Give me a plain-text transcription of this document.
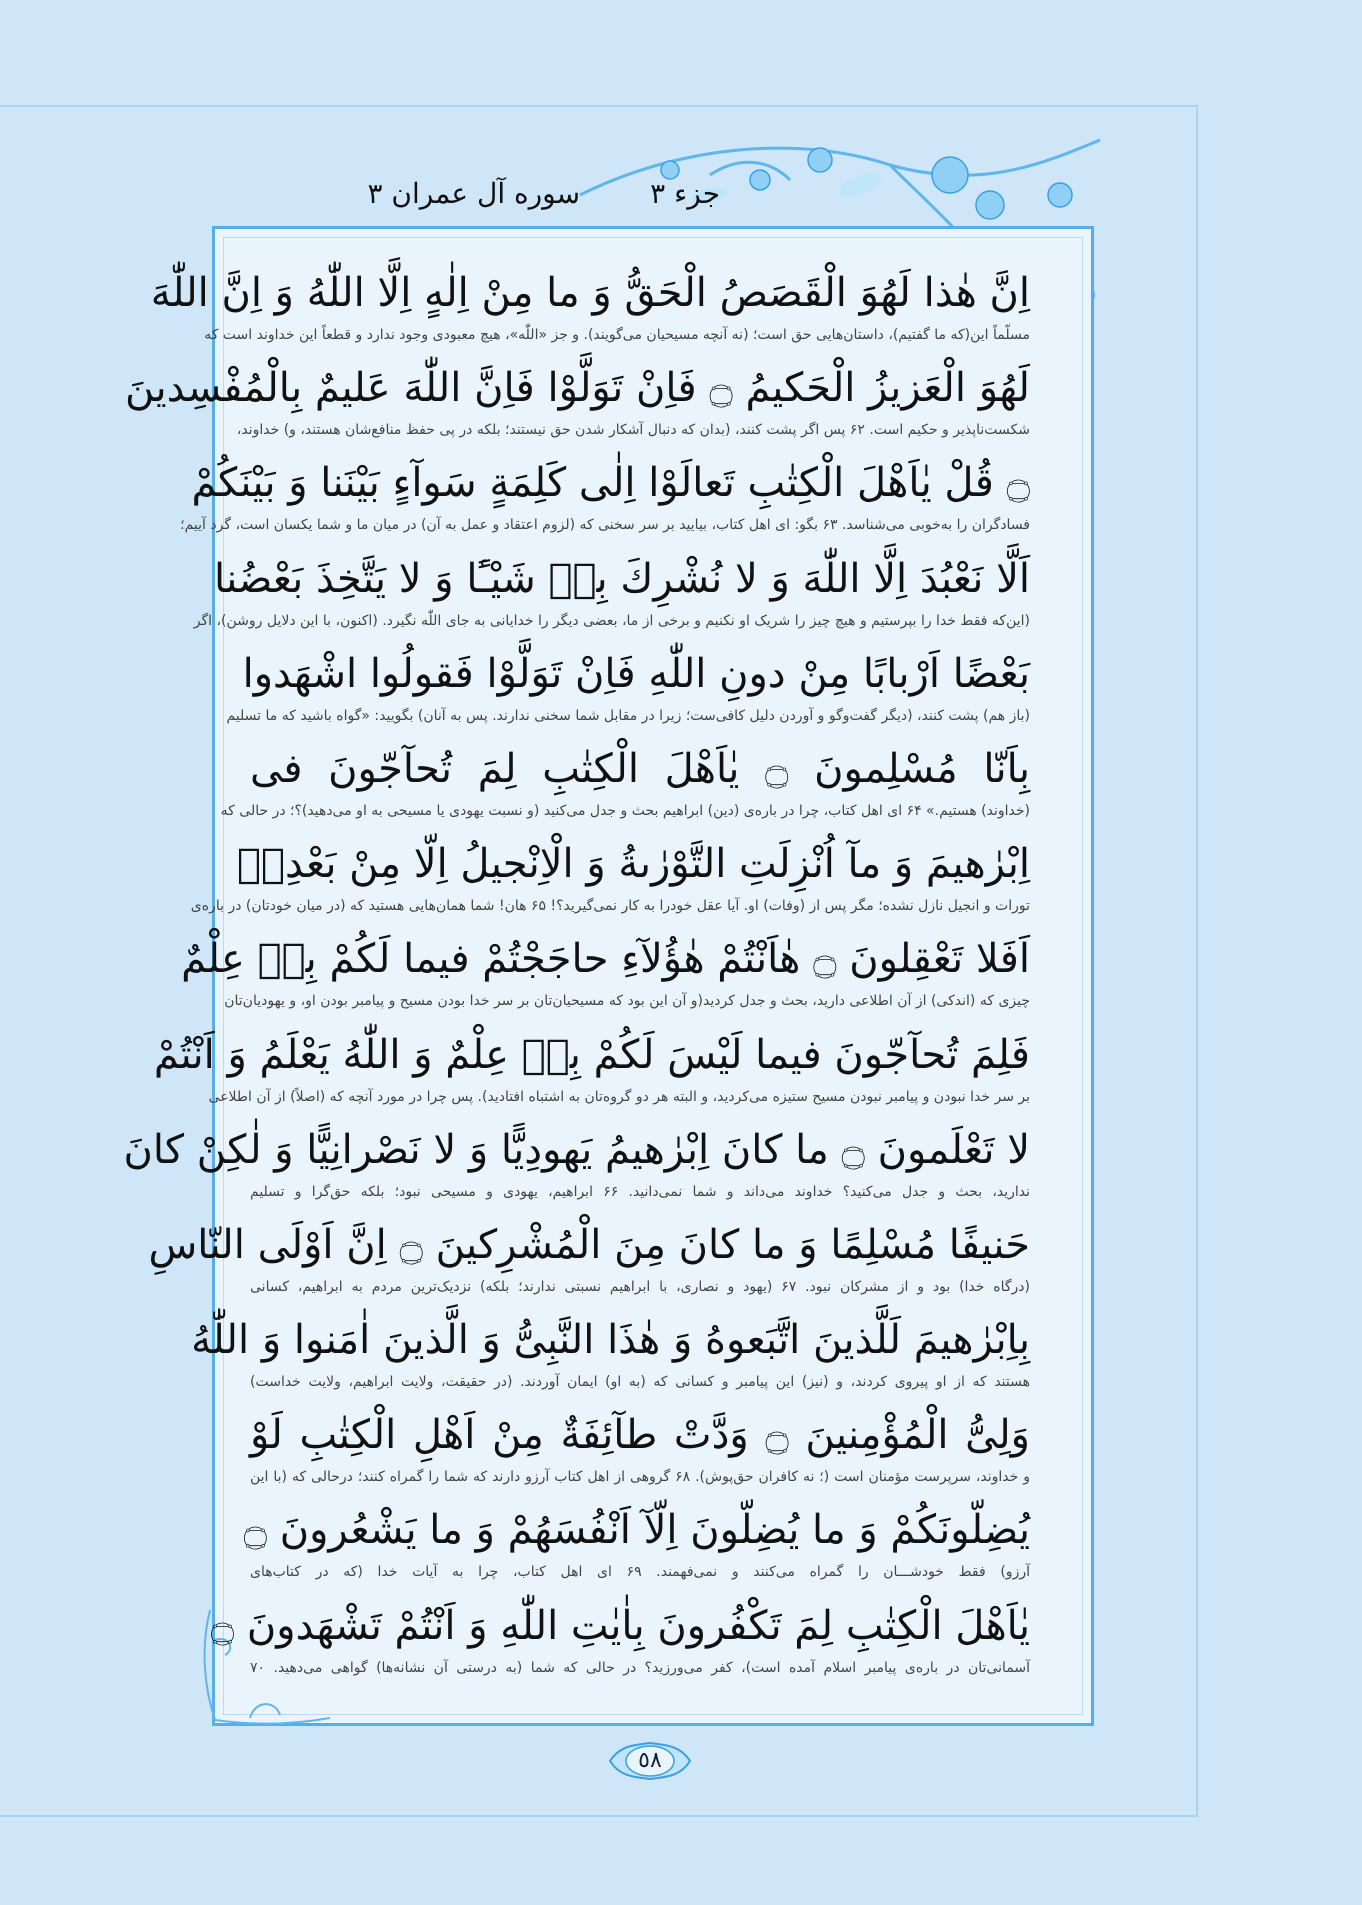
جزء ۳
سوره آل عمران ۳
اِنَّ هٰذا لَهُوَ الْقَصَصُ الْحَقُّ وَ ما مِنْ اِلٰهٍ اِلَّا اللّٰهُ وَ اِنَّ اللّٰهَ
مسلّماً این(که ما گفتیم)، داستان‌هایی حق است؛ (نه آنچه مسیحیان می‌گویند). و جز «اللّٰه»، هیچ معبودی وجود ندارد و قطعاً این خداوند است که
لَهُوَ الْعَزيزُ الْحَكيمُ ۝ فَاِنْ تَوَلَّوْا فَاِنَّ اللّٰهَ عَليمٌ بِالْمُفْسِدينَ
شکست‌ناپذیر و حکیم است. ۶۲ پس اگر پشت کنند، (بدان که دنبال آشکار شدن حق نیستند؛ بلکه در پی حفظ منافع‌شان هستند، و) خداوند،
۝ قُلْ يٰاَهْلَ الْكِتٰبِ تَعالَوْا اِلٰى كَلِمَةٍ سَوآءٍ بَيْنَنا وَ بَيْنَكُمْ
فسادگران را به‌خوبی می‌شناسد. ۶۳ بگو: ای اهل کتاب، بیایید بر سر سخنی که (لزوم اعتقاد و عمل به آن) در میان ما و شما یکسان است، گرد آییم؛
اَلَّا نَعْبُدَ اِلَّا اللّٰهَ وَ لا نُشْرِكَ بِهٖ شَيْـًٔا وَ لا يَتَّخِذَ بَعْضُنا
(این‌که فقط خدا را بپرستیم و هیچ چیز را شریک او نکنیم و برخی از ما، بعضی دیگر را خدایانی به جای اللّٰه نگیرد. (اکنون، با این دلایل روشن)، اگر
بَعْضًا اَرْبابًا مِنْ دونِ اللّٰهِ فَاِنْ تَوَلَّوْا فَقولُوا اشْهَدوا
(باز هم) پشت کنند، (دیگر گفت‌وگو و آوردن دلیل کافی‌ست؛ زیرا در مقابل شما سخنی ندارند. پس به آنان) بگویید: «گواه باشید که ما تسلیم
بِاَنّا مُسْلِمونَ ۝ يٰاَهْلَ الْكِتٰبِ لِمَ تُحآجّونَ فى
(خداوند) هستیم.» ۶۴ ای اهل کتاب، چرا در باره‌ی (دین) ابراهیم بحث و جدل می‌کنید (و نسبت یهودی یا مسیحی به او می‌دهید)؟؛ در حالی که
اِبْرٰهيمَ وَ مآ اُنْزِلَتِ التَّوْرٰىةُ وَ الْاِنْجيلُ اِلّا مِنْ بَعْدِهٖ
تورات و انجیل نازل نشده؛ مگر پس از (وفات) او. آیا عقل خودرا به کار نمی‌گیرید؟! ۶۵ هان! شما همان‌هایی هستید که (در میان خودتان) در باره‌ی
اَفَلا تَعْقِلونَ ۝ هٰاَنْتُمْ هٰؤُلآءِ حاجَجْتُمْ فيما لَكُمْ بِهٖ عِلْمٌ
چیزی که (اندکی) از آن اطلاعی دارید، بحث و جدل کردید(و آن این بود که مسیحیان‌تان بر سر خدا بودن مسیح و پیامبر بودن او، و یهودیان‌تان
فَلِمَ تُحآجّونَ فيما لَيْسَ لَكُمْ بِهٖ عِلْمٌ وَ اللّٰهُ يَعْلَمُ وَ اَنْتُمْ
بر سر خدا نبودن و پیامبر نبودن مسیح ستیزه می‌کردید، و البته هر دو گروه‌تان به اشتباه افتادید). پس چرا در مورد آنچه که (اصلاً) از آن اطلاعی
لا تَعْلَمونَ ۝ ما كانَ اِبْرٰهيمُ يَهودِيًّا وَ لا نَصْرانِيًّا وَ لٰكِنْ كانَ
ندارید، بحث و جدل می‌کنید؟ خداوند می‌داند و شما نمی‌دانید. ۶۶ ابراهیم، یهودی و مسیحی نبود؛ بلکه حق‌گرا و تسلیم
حَنيفًا مُسْلِمًا وَ ما كانَ مِنَ الْمُشْرِكينَ ۝ اِنَّ اَوْلَى النّاسِ
(درگاه خدا) بود و از مشرکان نبود. ۶۷ (یهود و نصاری، با ابراهیم نسبتی ندارند؛ بلکه) نزدیک‌ترین مردم به ابراهیم، کسانی
بِاِبْرٰهيمَ لَلَّذينَ اتَّبَعوهُ وَ هٰذَا النَّبِىُّ وَ الَّذينَ اٰمَنوا وَ اللّٰهُ
هستند که از او پیروی کردند، و (نیز) این پیامبر و کسانی که (به او) ایمان آوردند. (در حقیقت، ولایت ابراهیم، ولایت خداست)
وَلِىُّ الْمُؤْمِنينَ ۝ وَدَّتْ طآئِفَةٌ مِنْ اَهْلِ الْكِتٰبِ لَوْ
و خداوند، سرپرست مؤمنان است (؛ نه کافران حق‌پوش). ۶۸ گروهی از اهل کتاب آرزو دارند که شما را گمراه کنند؛ درحالی که (با این
يُضِلّونَكُمْ وَ ما يُضِلّونَ اِلّآ اَنْفُسَهُمْ وَ ما يَشْعُرونَ ۝
آرزو) فقط خودشـــان را گمراه می‌کنند و نمی‌فهمند. ۶۹ ای اهل کتاب، چرا به آیات خدا (که در کتاب‌های
يٰاَهْلَ الْكِتٰبِ لِمَ تَكْفُرونَ بِاٰيٰتِ اللّٰهِ وَ اَنْتُمْ تَشْهَدونَ ۝
آسمانی‌تان در باره‌ی پیامبر اسلام آمده است)، کفر می‌ورزید؟ در حالی که شما (به درستی آن نشانه‌ها) گواهی می‌دهید. ۷۰
٥٨
